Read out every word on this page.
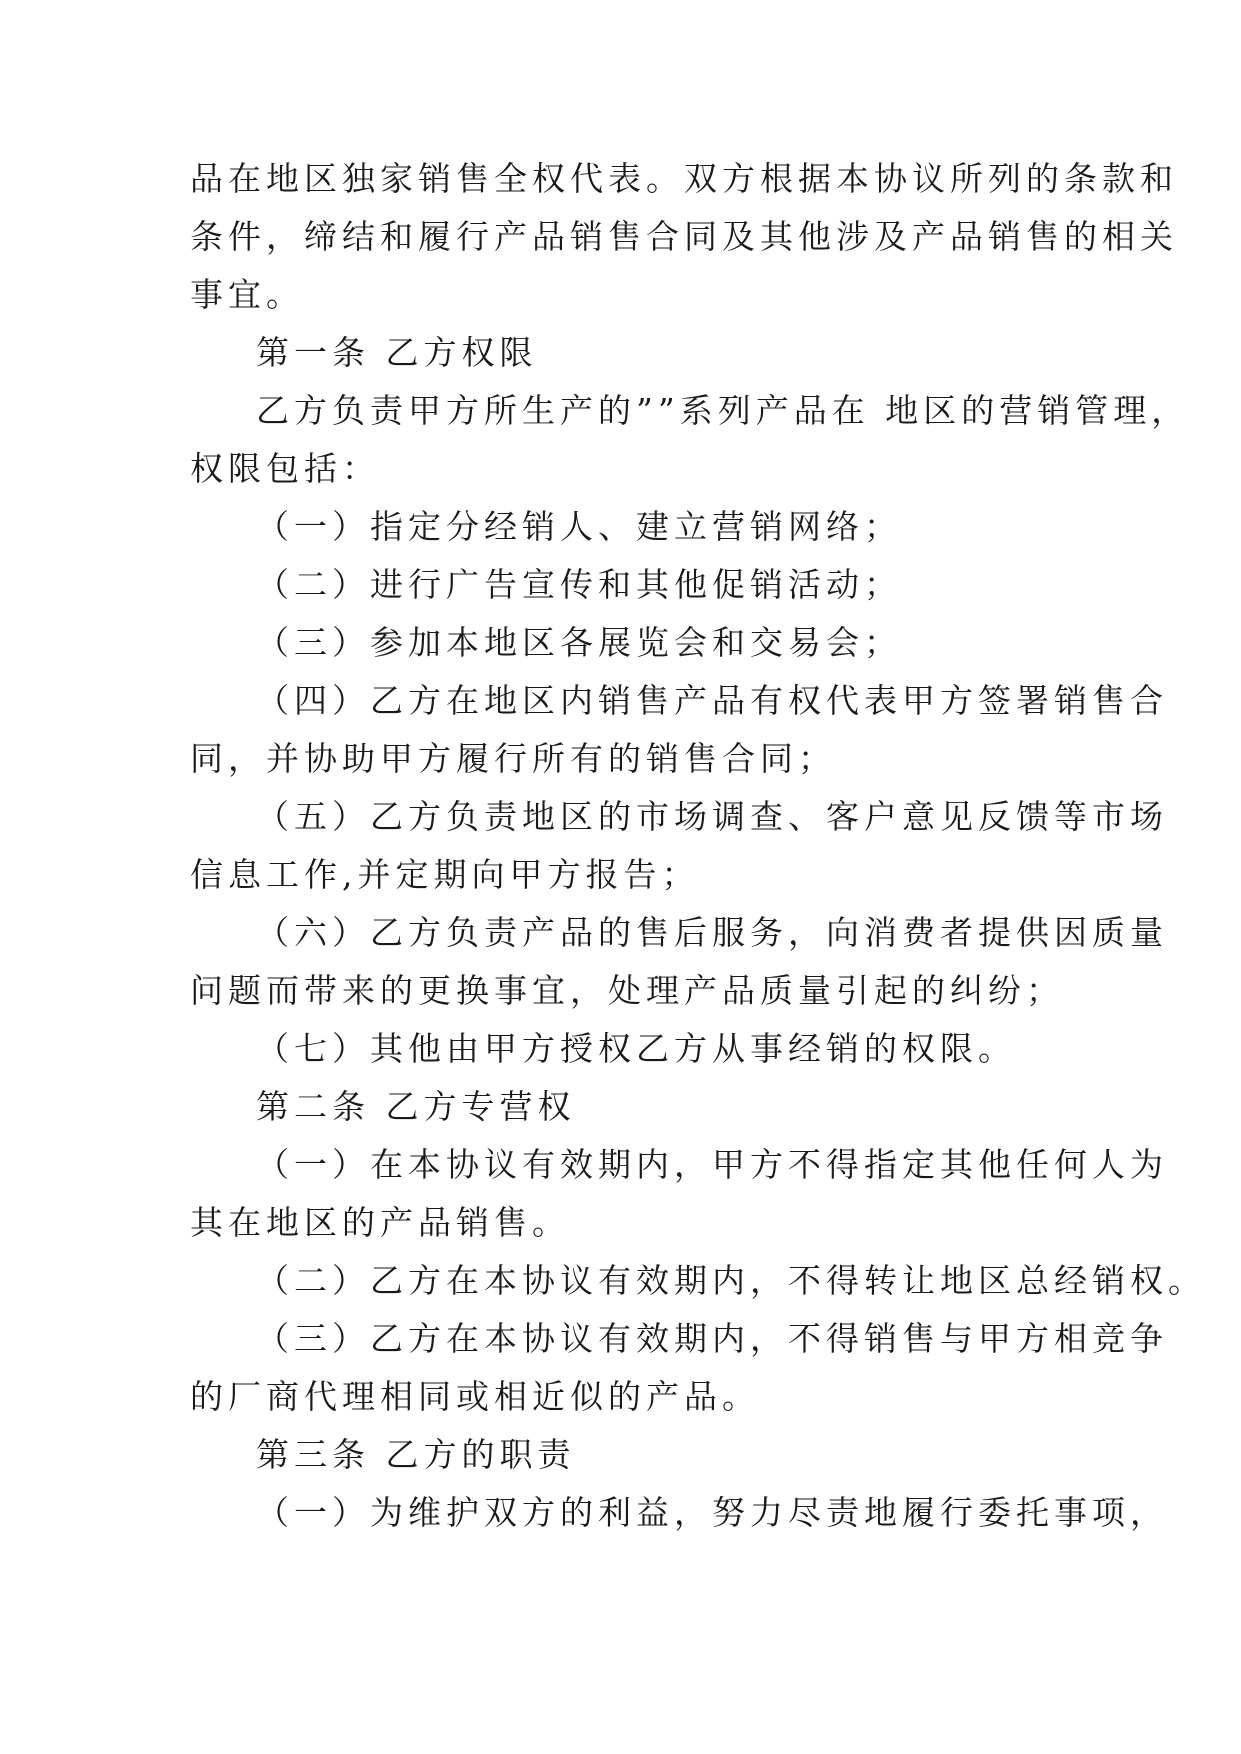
品在地区独家销售全权代表。双方根据本协议所列的条款和

条件，缔结和履行产品销售合同及其他涉及产品销售的相关

事宜。

第一条 乙方权限

乙方负责甲方所生产的””系列产品在 地区的营销管理，

权限包括：

（一）指定分经销人、建立营销网络；

（二）进行广告宣传和其他促销活动；

（三）参加本地区各展览会和交易会；

（四）乙方在地区内销售产品有权代表甲方签署销售合

同，并协助甲方履行所有的销售合同；

（五）乙方负责地区的市场调查、客户意见反馈等市场

信息工作,并定期向甲方报告；

（六）乙方负责产品的售后服务，向消费者提供因质量

问题而带来的更换事宜，处理产品质量引起的纠纷；

（七）其他由甲方授权乙方从事经销的权限。

第二条 乙方专营权

（一）在本协议有效期内，甲方不得指定其他任何人为

其在地区的产品销售。

（二）乙方在本协议有效期内，不得转让地区总经销权。

（三）乙方在本协议有效期内，不得销售与甲方相竞争

的厂商代理相同或相近似的产品。

第三条 乙方的职责

（一）为维护双方的利益，努力尽责地履行委托事项，
